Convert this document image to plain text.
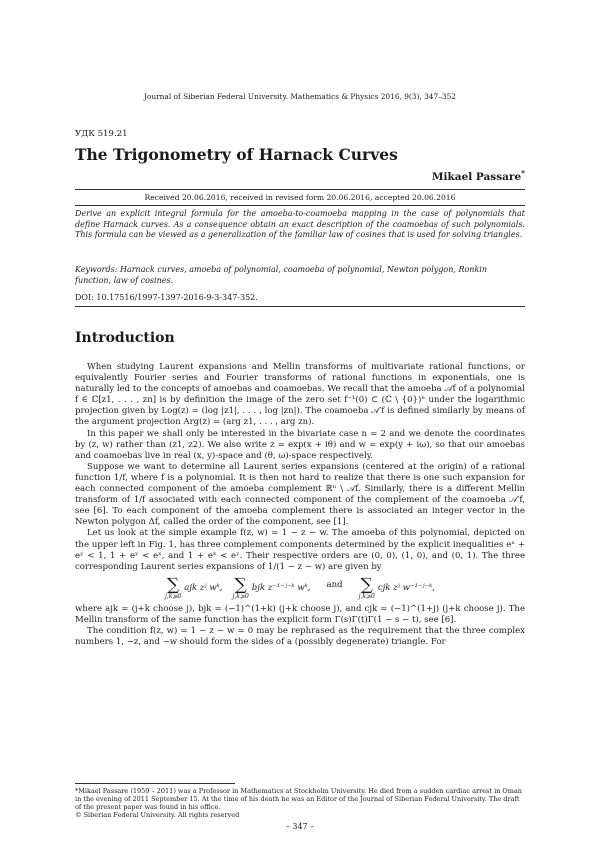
Journal of Siberian Federal University. Mathematics & Physics 2016, 9(3), 347–352
УДК 519.21
The Trigonometry of Harnack Curves
Mikael Passare*
Received 20.06.2016, received in revised form 20.06.2016, accepted 20.06.2016
Derive an explicit integral formula for the amoeba-to-coamoeba mapping in the case of polynomials that define Harnack curves. As a consequence obtain an exact description of the coamoebas of such polynomials. This formula can be viewed as a generalization of the familiar law of cosines that is used for solving triangles.
Keywords: Harnack curves, amoeba of polynomial, coamoeba of polynomial, Newton polygon, Ronkin function, law of cosines.
DOI: 10.17516/1997-1397-2016-9-3-347-352.
Introduction

When studying Laurent expansions and Mellin transforms of multivariate rational functions, or equivalently Fourier series and Fourier transforms of rational functions in exponentials, one is naturally led to the concepts of amoebas and coamoebas. We recall that the amoeba 𝒜f of a polynomial f ∈ ℂ[z1, . . . , zn] is by definition the image of the zero set f⁻¹(0) ⊂ (ℂ \ {0})ⁿ under the logarithmic projection given by Log(z) = (log |z1|, . . . , log |zn|). The coamoeba 𝒜′f is defined similarly by means of the argument projection Arg(z) = (arg z1, . . . , arg zn).

In this paper we shall only be interested in the bivariate case n = 2 and we denote the coordinates by (z, w) rather than (z1, z2). We also write z = exp(x + iθ) and w = exp(y + iω), so that our amoebas and coamoebas live in real (x, y)-space and (θ, ω)-space respectively.

Suppose we want to determine all Laurent series expansions (centered at the origin) of a rational function 1/f, where f is a polynomial. It is then not hard to realize that there is one such expansion for each connected component of the amoeba complement ℝⁿ \ 𝒜f. Similarly, there is a different Mellin transform of 1/f associated with each connected component of the complement of the coamoeba 𝒜′f, see [6]. To each component of the amoeba complement there is associated an integer vector in the Newton polygon Δf, called the order of the component, see [1].

Let us look at the simple example f(z, w) = 1 − z − w. The amoeba of this polynomial, depicted on the upper left in Fig. 1, has three complement components determined by the explicit inequalities eˣ + eʸ < 1, 1 + eʸ < eˣ, and 1 + eˣ < eʸ. Their respective orders are (0, 0), (1, 0), and (0, 1). The three corresponding Laurent series expansions of 1/(1 − z − w) are given by

∑
j,k⩾0
ajk zʲ wᵏ, ∑
j,k⩾0
bjk z⁻¹⁻ʲ⁻ᵏ wᵏ, and ∑
j,k⩾0
cjk zʲ w⁻¹⁻ʲ⁻ᵏ,

where ajk = (j+k choose j), bjk = (−1)^(1+k) (j+k choose j), and cjk = (−1)^(1+j) (j+k choose j). The Mellin transform of the same function has the explicit form Γ(s)Γ(t)Γ(1 − s − t), see [6].

The condition f(z, w) = 1 − z − w = 0 may be rephrased as the requirement that the three complex numbers 1, −z, and −w should form the sides of a (possibly degenerate) triangle. For

*Mikael Passare (1959 – 2011) was a Professor in Mathematics at Stockholm University. He died from a sudden cardiac arrest in Oman in the evening of 2011 September 15. At the time of his death he was an Editor of the Journal of Siberian Federal University. The draft of the present paper was found in his office.
© Siberian Federal University. All rights reserved
– 347 –
